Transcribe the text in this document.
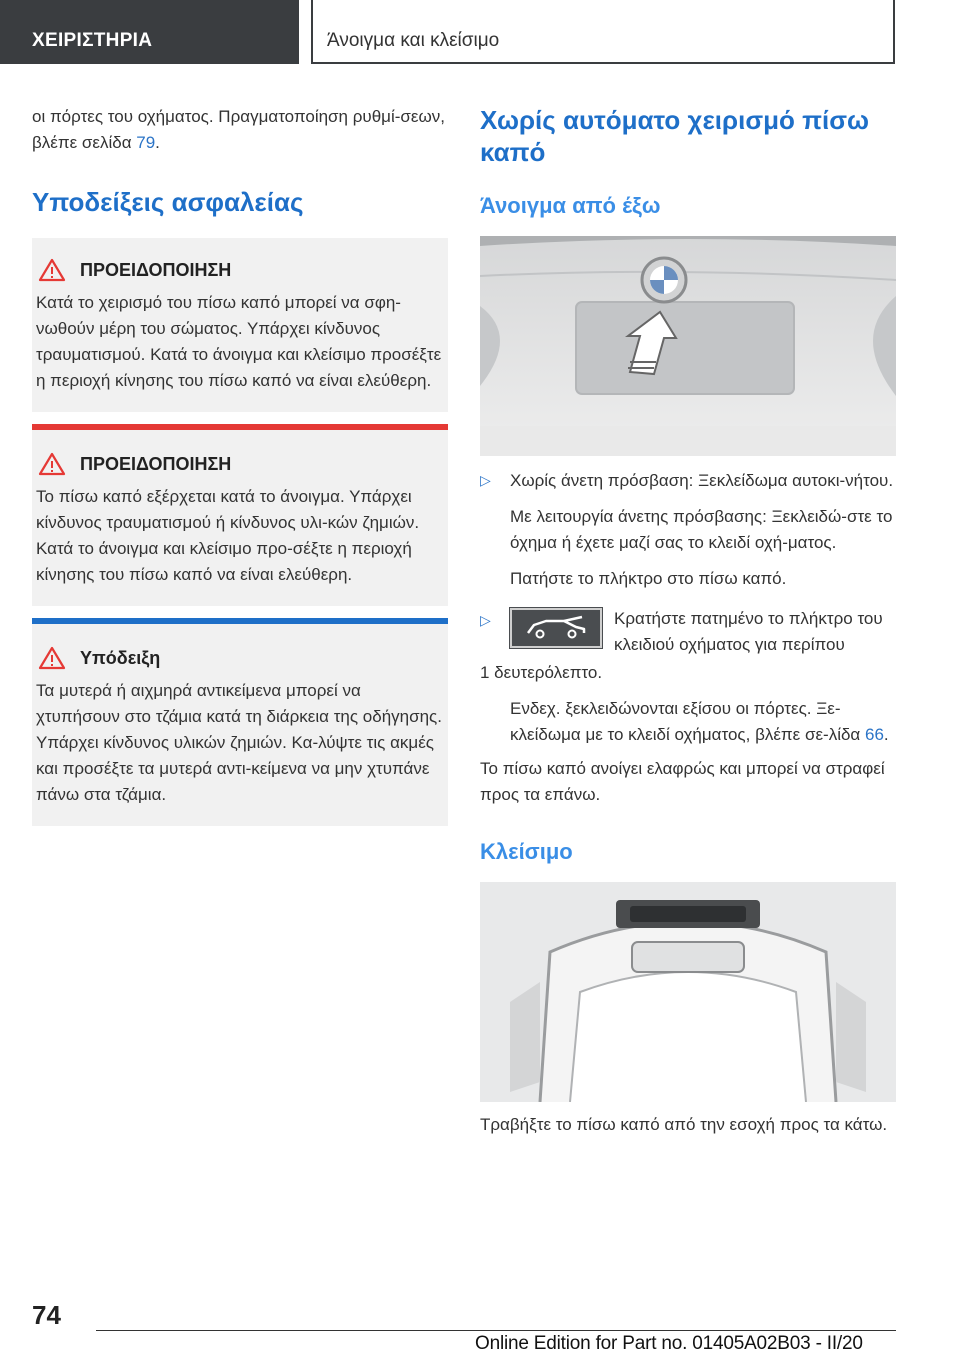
ΧΕΙΡΙΣΤΗΡΙΑ	Άνοιγμα και κλείσιμο

οι πόρτες του οχήματος. Πραγματοποίηση ρυθμί-σεων, βλέπε σελίδα 79.

Υποδείξεις ασφαλείας
ΠΡΟΕΙΔΟΠΟΙΗΣΗ

Κατά το χειρισμό του πίσω καπό μπορεί να σφη-νωθούν μέρη του σώματος. Υπάρχει κίνδυνος τραυματισμού. Κατά το άνοιγμα και κλείσιμο προσέξτε η περιοχή κίνησης του πίσω καπό να είναι ελεύθερη.

ΠΡΟΕΙΔΟΠΟΙΗΣΗ

Το πίσω καπό εξέρχεται κατά το άνοιγμα. Υπάρχει κίνδυνος τραυματισμού ή κίνδυνος υλι-κών ζημιών. Κατά το άνοιγμα και κλείσιμο προ-σέξτε η περιοχή κίνησης του πίσω καπό να είναι ελεύθερη.

Υπόδειξη

Τα μυτερά ή αιχμηρά αντικείμενα μπορεί να χτυπήσουν στο τζάμια κατά τη διάρκεια της οδήγησης. Υπάρχει κίνδυνος υλικών ζημιών. Κα-λύψτε τις ακμές και προσέξτε τα μυτερά αντι-κείμενα να μην χτυπάνε πάνω στα τζάμια.

Χωρίς αυτόματο χειρισμό πίσω καπό
Άνοιγμα από έξω
▷	Χωρίς άνετη πρόσβαση: Ξεκλείδωμα αυτοκι-νήτου.

Με λειτουργία άνετης πρόσβασης: Ξεκλειδώ-στε το όχημα ή έχετε μαζί σας το κλειδί οχή-ματος.

Πατήστε το πλήκτρο στο πίσω καπό.

▷	Κρατήστε πατημένο το πλήκτρο του κλειδιού οχήματος για περίπου

1 δευτερόλεπτο.

Ενδεχ. ξεκλειδώνονται εξίσου οι πόρτες. Ξε-κλείδωμα με το κλειδί οχήματος, βλέπε σε-λίδα 66.

Το πίσω καπό ανοίγει ελαφρώς και μπορεί να στραφεί προς τα επάνω.

Κλείσιμο

Τραβήξτε το πίσω καπό από την εσοχή προς τα κάτω.

74
Online Edition for Part no. 01405A02B03 - II/20
